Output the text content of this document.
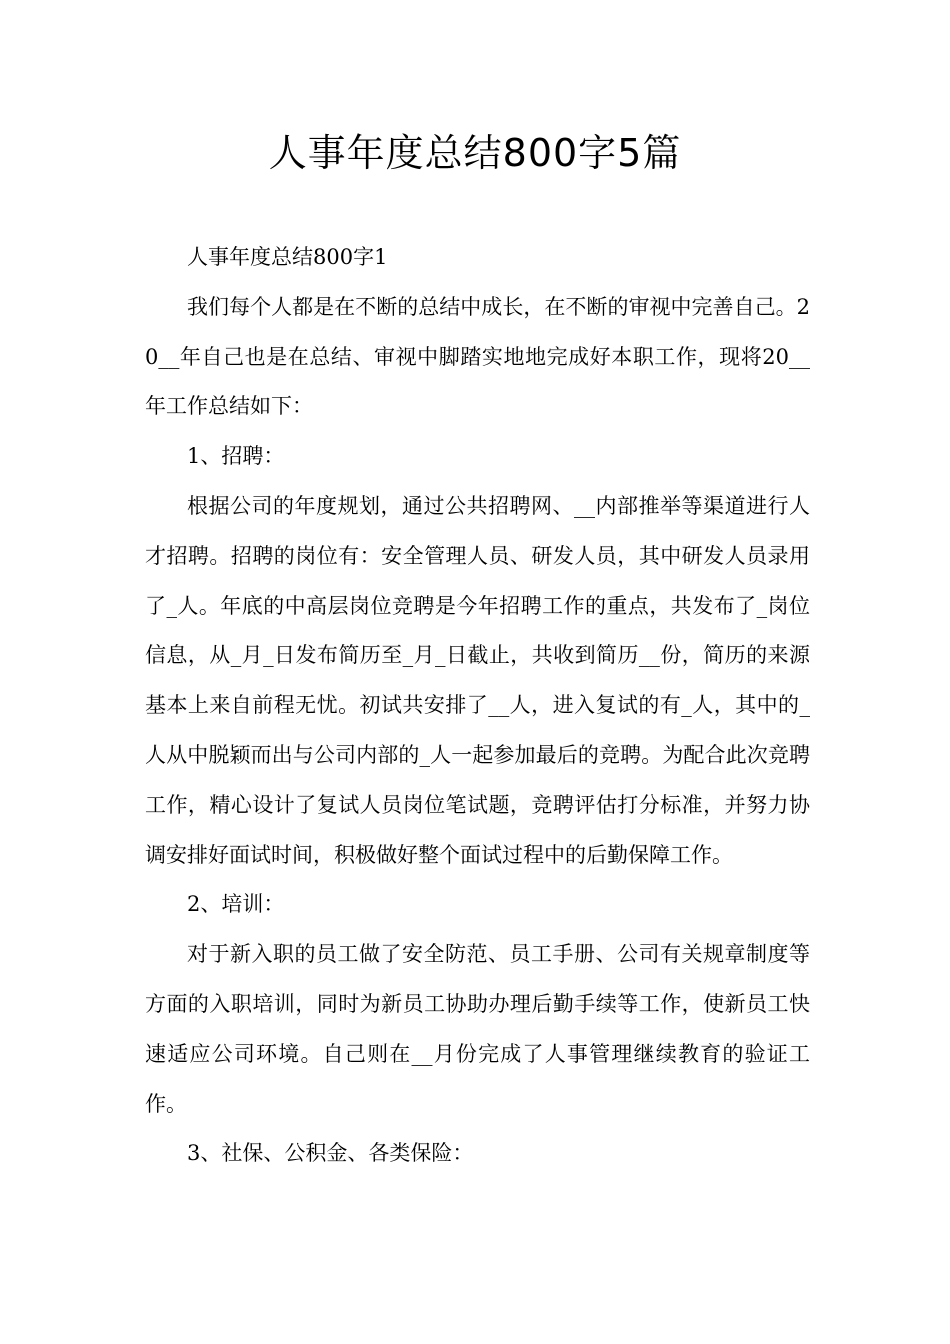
人事年度总结800字5篇

人事年度总结800字1

我们每个人都是在不断的总结中成长，在不断的审视中完善自己。20__年自己也是在总结、审视中脚踏实地地完成好本职工作，现将20__年工作总结如下：

1、招聘：

根据公司的年度规划，通过公共招聘网、__内部推举等渠道进行人才招聘。招聘的岗位有：安全管理人员、研发人员，其中研发人员录用了_人。年底的中高层岗位竞聘是今年招聘工作的重点，共发布了_岗位信息，从_月_日发布简历至_月_日截止，共收到简历__份，简历的来源基本上来自前程无忧。初试共安排了__人，进入复试的有_人，其中的_人从中脱颖而出与公司内部的_人一起参加最后的竞聘。为配合此次竞聘工作，精心设计了复试人员岗位笔试题，竞聘评估打分标准，并努力协调安排好面试时间，积极做好整个面试过程中的后勤保障工作。

2、培训：

对于新入职的员工做了安全防范、员工手册、公司有关规章制度等方面的入职培训，同时为新员工协助办理后勤手续等工作，使新员工快速适应公司环境。自己则在__月份完成了人事管理继续教育的验证工作。

3、社保、公积金、各类保险：
